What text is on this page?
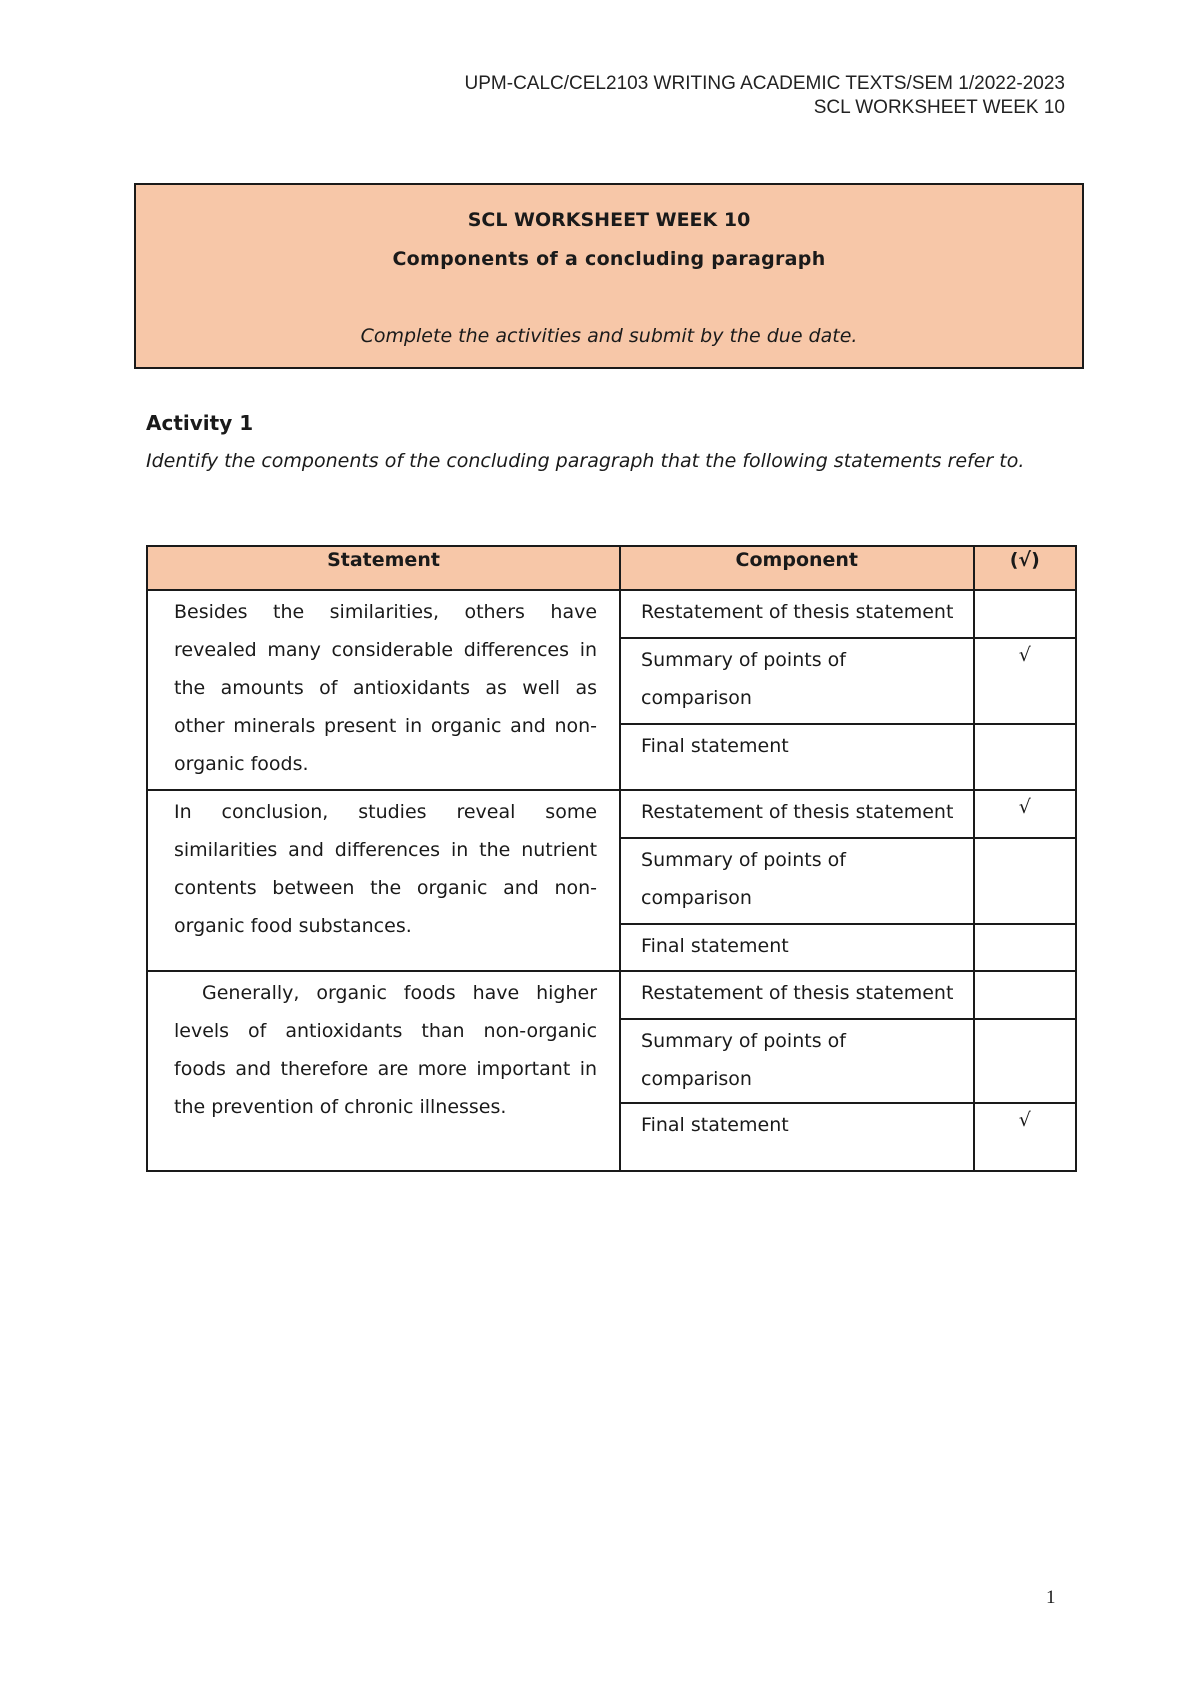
UPM-CALC/CEL2103 WRITING ACADEMIC TEXTS/SEM 1/2022-2023
SCL WORKSHEET WEEK 10
SCL WORKSHEET WEEK 10
Components of a concluding paragraph
Complete the activities and submit by the due date.
Activity 1
Identify the components of the concluding paragraph that the following statements refer to.
Statement	Component	(√)
Besides the similarities, others have revealed many considerable differences in the amounts of antioxidants as well as other minerals present in organic and non-organic foods.	Restatement of thesis statement	
	Summary of points of comparison	√
	Final statement	
In conclusion, studies reveal some similarities and differences in the nutrient contents between the organic and non-organic food substances.	Restatement of thesis statement	√
	Summary of points of comparison	
	Final statement	
Generally, organic foods have higher levels of antioxidants than non-organic foods and therefore are more important in the prevention of chronic illnesses.	Restatement of thesis statement	
	Summary of points of comparison	
	Final statement	√
1
